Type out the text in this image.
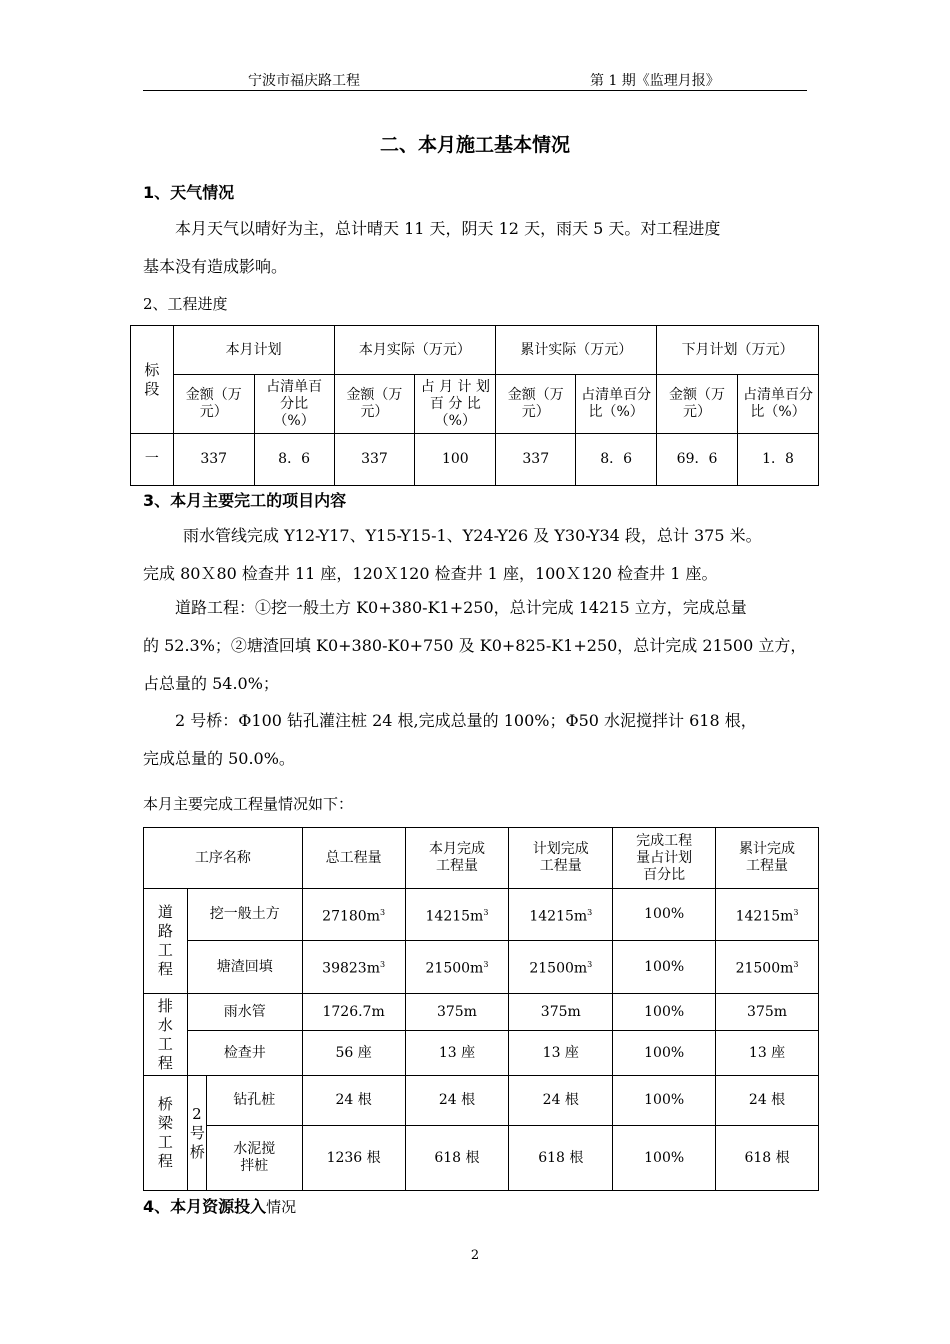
宁波市福庆路工程	第 1 期《监理月报》
二、本月施工基本情况
1、天气情况
本月天气以晴好为主，总计晴天 11 天，阴天 12 天，雨天 5 天。对工程进度
基本没有造成影响。
2、工程进度
标段	本月计划		本月实际（万元）		累计实际（万元）		下月计划（万元）	

	金额（万元）	占清单百分比（%）	金额（万元）	占 月 计 划 百 分 比 （%）	金额（万元）	占清单百分比（%）	金额（万元）	占清单百分比（%）

一	337	8．6	337	100	337	8．6	69．6	1．8
3、本月主要完工的项目内容
雨水管线完成 Y12-Y17、Y15-Y15-1、Y24-Y26 及 Y30-Y34 段，总计 375 米。
完成 80Ｘ80 检查井 11 座，120Ｘ120 检查井 1 座，100Ｘ120 检查井 1 座。
道路工程：①挖一般土方 K0+380-K1+250，总计完成 14215 立方，完成总量
的 52.3%；②塘渣回填 K0+380-K0+750 及 K0+825-K1+250，总计完成 21500 立方，
占总量的 54.0%；
2 号桥：Φ100 钻孔灌注桩 24 根,完成总量的 100%；Φ50 水泥搅拌计 618 根，
完成总量的 50.0%。
本月主要完成工程量情况如下：
工序名称			总工程量	本月完成工程量	计划完成工程量	完成工程量占计划百分比	累计完成工程量

道路工程	挖一般土方		$27180m^3$	$14215m^3$	$14215m^3$	100%	$14215m^3$
	塘渣回填		$39823m^3$	$21500m^3$	$21500m^3$	100%	$21500m^3$
排水工程	雨水管		1726.7m	375m	375m	100%	375m
	检查井		56 座	13 座	13 座	100%	13 座
桥梁工程	2号桥	钻孔桩	24 根	24 根	24 根	100%	24 根

		水泥搅拌桩	1236 根	618 根	618 根	100%	618 根
4、本月资源投入情况
2
